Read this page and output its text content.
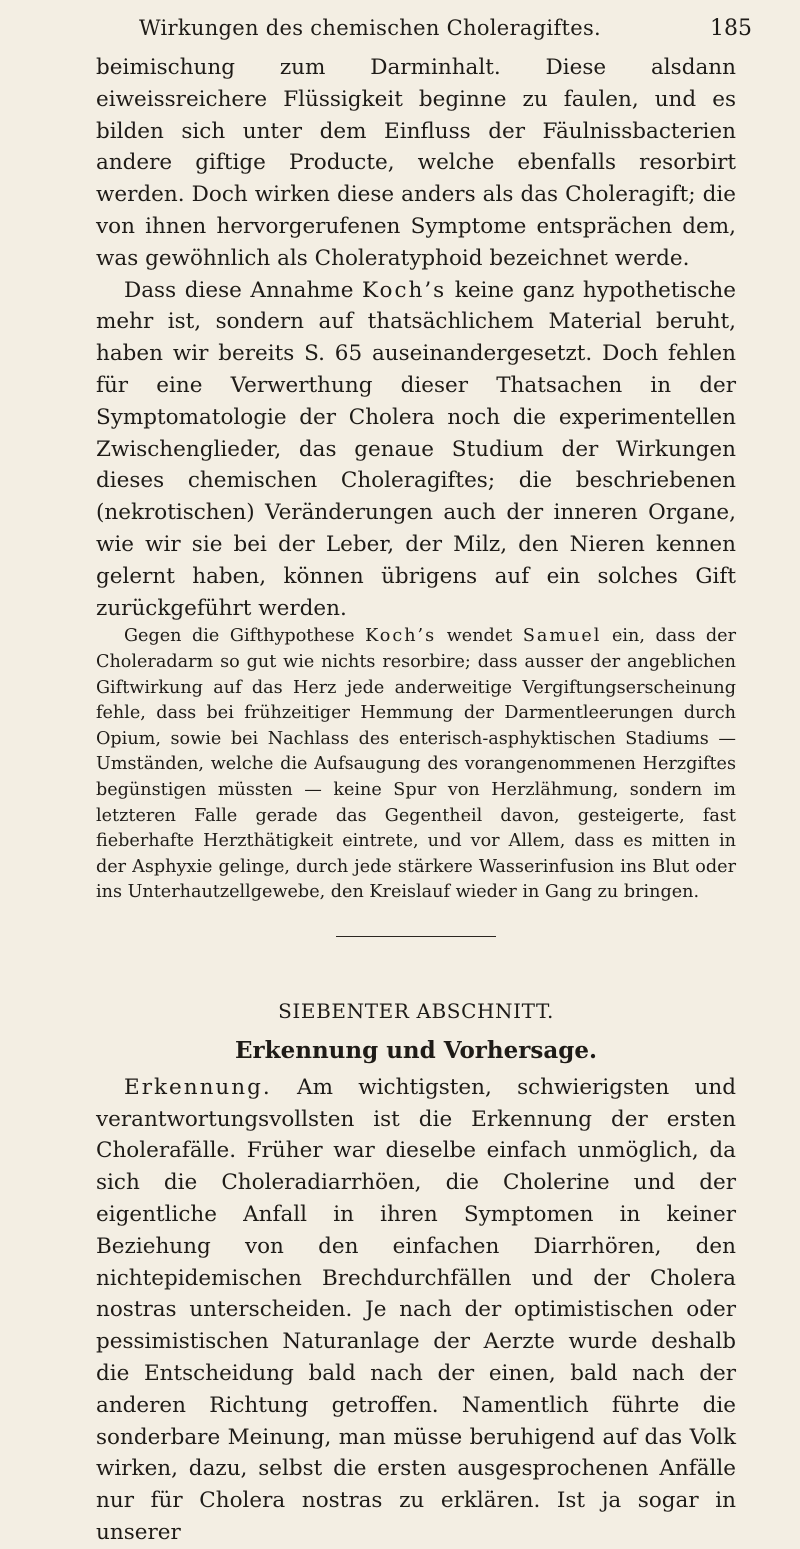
Wirkungen des chemischen Choleragiftes.	185

beimischung zum Darminhalt. Diese alsdann eiweissreichere Flüssigkeit beginne zu faulen, und es bilden sich unter dem Einfluss der Fäulnissbacterien andere giftige Producte, welche ebenfalls resorbirt werden. Doch wirken diese anders als das Choleragift; die von ihnen hervorgerufenen Symptome entsprächen dem, was gewöhnlich als Choleratyphoid bezeichnet werde.

Dass diese Annahme Koch’s keine ganz hypothetische mehr ist, sondern auf thatsächlichem Material beruht, haben wir bereits S. 65 auseinandergesetzt. Doch fehlen für eine Verwerthung dieser Thatsachen in der Symptomatologie der Cholera noch die experimentellen Zwischenglieder, das genaue Studium der Wirkungen dieses chemischen Choleragiftes; die beschriebenen (nekrotischen) Veränderungen auch der inneren Organe, wie wir sie bei der Leber, der Milz, den Nieren kennen gelernt haben, können übrigens auf ein solches Gift zurückgeführt werden.

Gegen die Gifthypothese Koch’s wendet Samuel ein, dass der Choleradarm so gut wie nichts resorbire; dass ausser der angeblichen Giftwirkung auf das Herz jede anderweitige Vergiftungserscheinung fehle, dass bei frühzeitiger Hemmung der Darmentleerungen durch Opium, sowie bei Nachlass des enterisch-asphyktischen Stadiums — Umständen, welche die Aufsaugung des vorangenommenen Herzgiftes begünstigen müssten — keine Spur von Herzlähmung, sondern im letzteren Falle gerade das Gegentheil davon, gesteigerte, fast fieberhafte Herzthätigkeit eintrete, und vor Allem, dass es mitten in der Asphyxie gelinge, durch jede stärkere Wasserinfusion ins Blut oder ins Unterhautzellgewebe, den Kreislauf wieder in Gang zu bringen.

SIEBENTER ABSCHNITT.
Erkennung und Vorhersage.

Erkennung. Am wichtigsten, schwierigsten und verantwortungsvollsten ist die Erkennung der ersten Cholerafälle. Früher war dieselbe einfach unmöglich, da sich die Choleradiarrhöen, die Cholerine und der eigentliche Anfall in ihren Symptomen in keiner Beziehung von den einfachen Diarrhören, den nichtepidemischen Brechdurchfällen und der Cholera nostras unterscheiden. Je nach der optimistischen oder pessimistischen Naturanlage der Aerzte wurde deshalb die Entscheidung bald nach der einen, bald nach der anderen Richtung getroffen. Namentlich führte die sonderbare Meinung, man müsse beruhigend auf das Volk wirken, dazu, selbst die ersten ausgesprochenen Anfälle nur für Cholera nostras zu erklären. Ist ja sogar in unserer
